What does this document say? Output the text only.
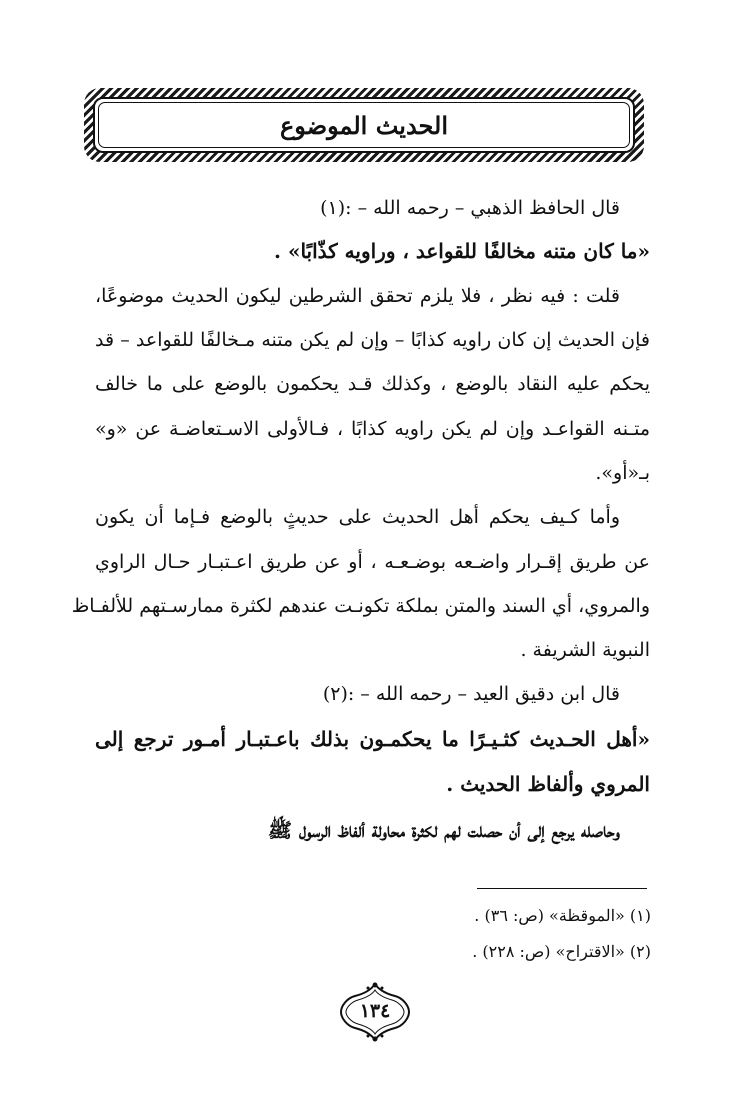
الحديث الموضوع
قال الحافظ الذهبي – رحمه الله – :(١)
«ما كان متنه مخالفًا للقواعد ، وراويه كذّابًا» .
قلت : فيه نظر ، فلا يلزم تحقق الشرطين ليكون الحديث موضوعًا،
فإن الحديث إن كان راويه كذابًا – وإن لم يكن متنه مـخالفًا للقواعد – قد
يحكم عليه النقاد بالوضع ، وكذلك قـد يحكمون بالوضع على ما خالف
متـنه القواعـد وإن لم يكن راويه كذابًا ، فـالأولى الاسـتعاضـة عن «و»
بـ«أو».
وأما كـيف يحكم أهل الحديث على حديثٍ بالوضع فـإما أن يكون
عن طريق إقـرار واضـعه بوضـعـه ، أو عن طريق اعـتبـار حـال الراوي
والمروي، أي السند والمتن بملكة تكونـت عندهم لكثرة ممارسـتهم للألفـاظ
النبوية الشريفة .
قال ابن دقيق العيد – رحمه الله – :(٢)
«أهل الحـديث كثـيـرًا ما يحكمـون بذلك باعـتبـار أمـور ترجع إلى
المروي وألفاظ الحديث .
وحاصله يرجع إلى أن حصلت لهم لكثرة محاولة ألفاظ الرسول ﷺ
(١) «الموقظة» (ص: ٣٦) .
(٢) «الاقتراح» (ص: ٢٢٨) .
١٣٤
